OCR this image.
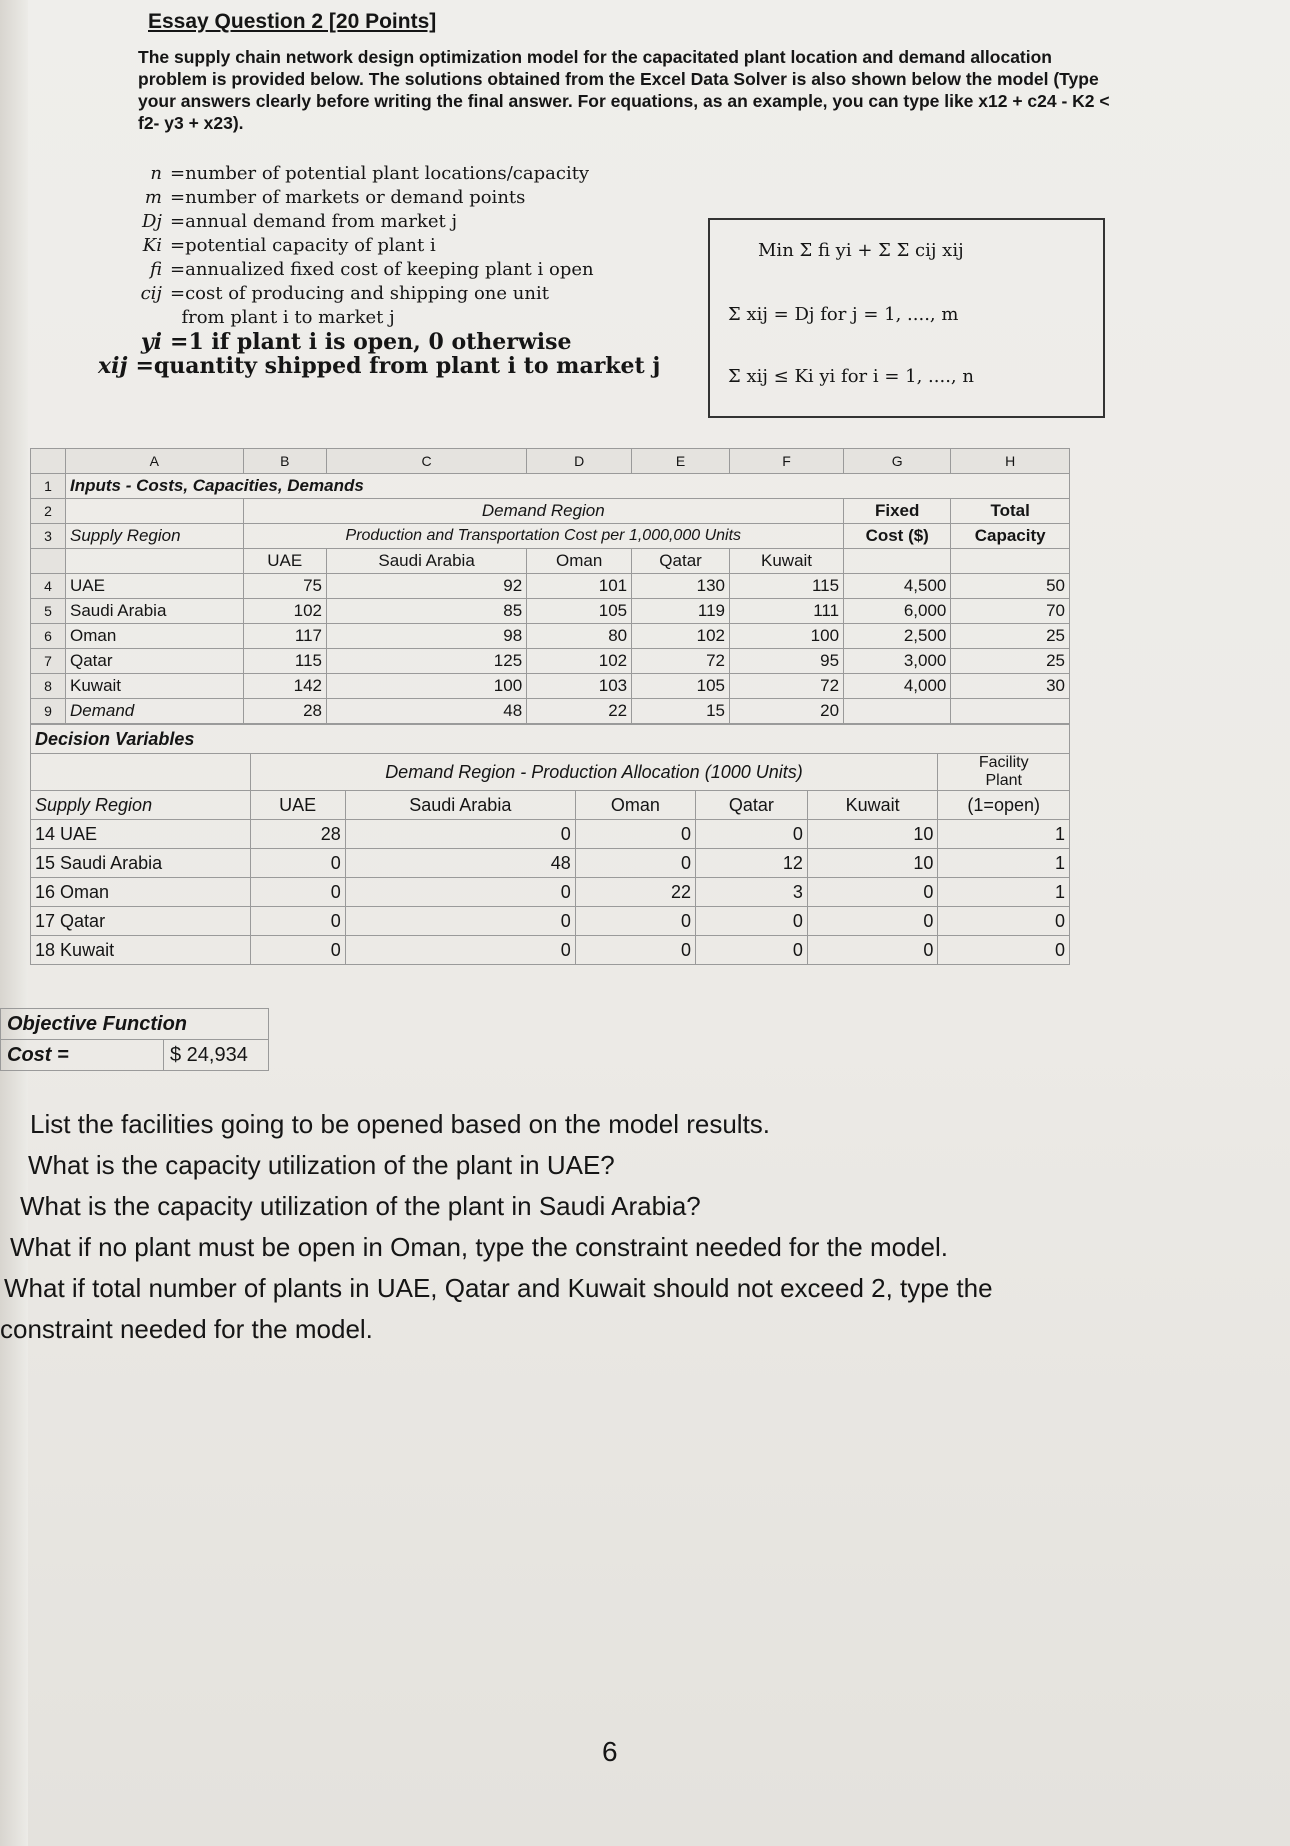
Essay Question 2 [20 Points]
The supply chain network design optimization model for the capacitated plant location and demand allocation problem is provided below. The solutions obtained from the Excel Data Solver is also shown below the model (Type your answers clearly before writing the final answer. For equations, as an example, you can type like x12 + c24 - K2 < f2- y3 + x23).
n = number of potential plant locations/capacity
m = number of markets or demand points
Dj = annual demand from market j
Ki = potential capacity of plant i
fi = annualized fixed cost of keeping plant i open
cij = cost of producing and shipping one unit

from plant i to market j
yi = 1 if plant i is open, 0 otherwise
xij = quantity shipped from plant i to market j
Min Σ fi yi + Σ Σ cij xij
Σ xij = Dj for j = 1, ...., m
Σ xij ≤ Ki yi for i = 1, ...., n
	A	B	C	D	E	F	G	H
1	Inputs - Costs, Capacities, Demands							
2		Demand Region					Fixed	Total
3	Supply Region	Production and Transportation Cost per 1,000,000 Units					Cost ($)	Capacity
		UAE	Saudi Arabia	Oman	Qatar	Kuwait		
4	UAE	75	92	101	130	115	4,500	50
5	Saudi Arabia	102	85	105	119	111	6,000	70
6	Oman	117	98	80	102	100	2,500	25
7	Qatar	115	125	102	72	95	3,000	25
8	Kuwait	142	100	103	105	72	4,000	30
9	Demand	28	48	22	15	20		
Decision Variables						
	Demand Region - Production Allocation (1000 Units)					Facility
Plant
Supply Region	UAE	Saudi Arabia	Oman	Qatar	Kuwait	(1=open)
14 UAE	28	0	0	0	10	1
15 Saudi Arabia	0	48	0	12	10	1
16 Oman	0	0	22	3	0	1
17 Qatar	0	0	0	0	0	0
18 Kuwait	0	0	0	0	0	0
Objective Function
Cost =	$ 24,934
List the facilities going to be opened based on the model results.
What is the capacity utilization of the plant in UAE?
What is the capacity utilization of the plant in Saudi Arabia?
What if no plant must be open in Oman, type the constraint needed for the model.
What if total number of plants in UAE, Qatar and Kuwait should not exceed 2, type the
constraint needed for the model.
6
